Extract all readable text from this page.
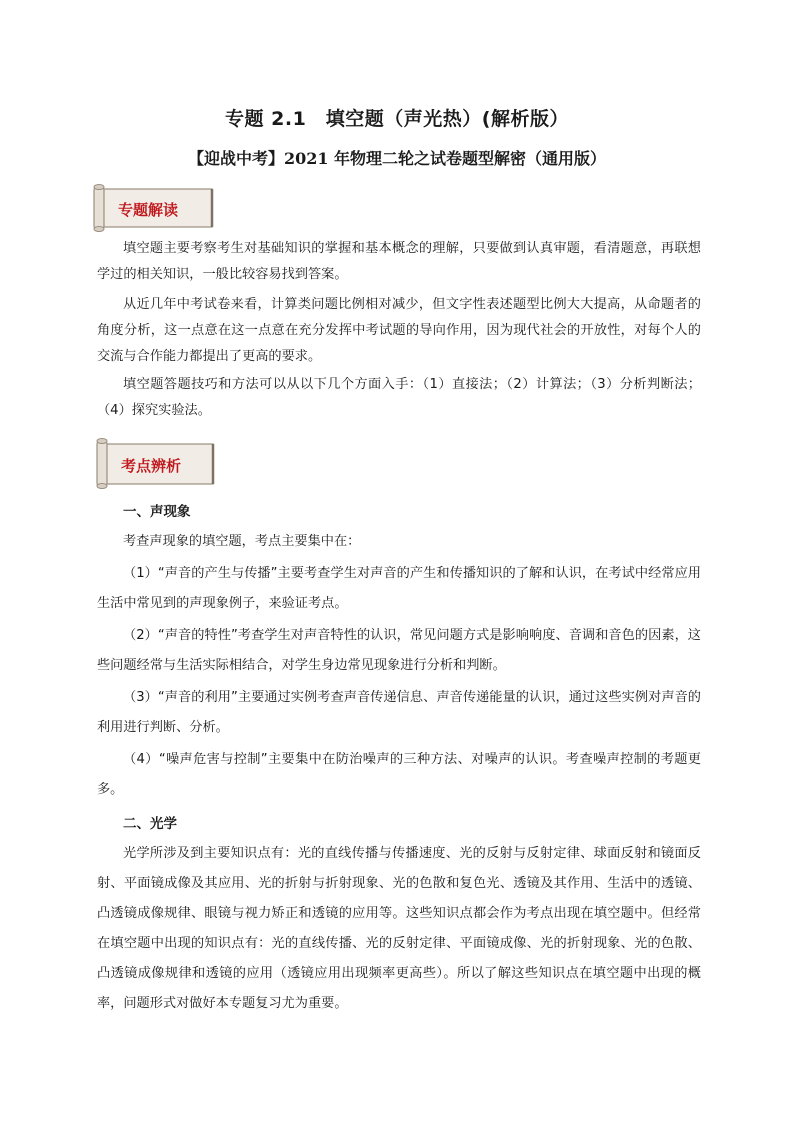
专题 2.1　填空题（声光热）(解析版）
【迎战中考】2021 年物理二轮之试卷题型解密（通用版）
专题解读

填空题主要考察考生对基础知识的掌握和基本概念的理解，只要做到认真审题，看清题意，再联想学过的相关知识，一般比较容易找到答案。

从近几年中考试卷来看，计算类问题比例相对减少，但文字性表述题型比例大大提高，从命题者的角度分析，这一点意在这一点意在充分发挥中考试题的导向作用，因为现代社会的开放性，对每个人的交流与合作能力都提出了更高的要求。

填空题答题技巧和方法可以从以下几个方面入手：（1）直接法；（2）计算法；（3）分析判断法；（4）探究实验法。

考点辨析
一、声现象
考查声现象的填空题，考点主要集中在：

（1）“声音的产生与传播”主要考查学生对声音的产生和传播知识的了解和认识，在考试中经常应用生活中常见到的声现象例子，来验证考点。

（2）“声音的特性”考查学生对声音特性的认识，常见问题方式是影响响度、音调和音色的因素，这些问题经常与生活实际相结合，对学生身边常见现象进行分析和判断。

（3）“声音的利用”主要通过实例考查声音传递信息、声音传递能量的认识，通过这些实例对声音的利用进行判断、分析。

（4）“噪声危害与控制”主要集中在防治噪声的三种方法、对噪声的认识。考查噪声控制的考题更多。

二、光学

光学所涉及到主要知识点有：光的直线传播与传播速度、光的反射与反射定律、球面反射和镜面反射、平面镜成像及其应用、光的折射与折射现象、光的色散和复色光、透镜及其作用、生活中的透镜、凸透镜成像规律、眼镜与视力矫正和透镜的应用等。这些知识点都会作为考点出现在填空题中。但经常在填空题中出现的知识点有：光的直线传播、光的反射定律、平面镜成像、光的折射现象、光的色散、凸透镜成像规律和透镜的应用（透镜应用出现频率更高些）。所以了解这些知识点在填空题中出现的概率，问题形式对做好本专题复习尤为重要。
